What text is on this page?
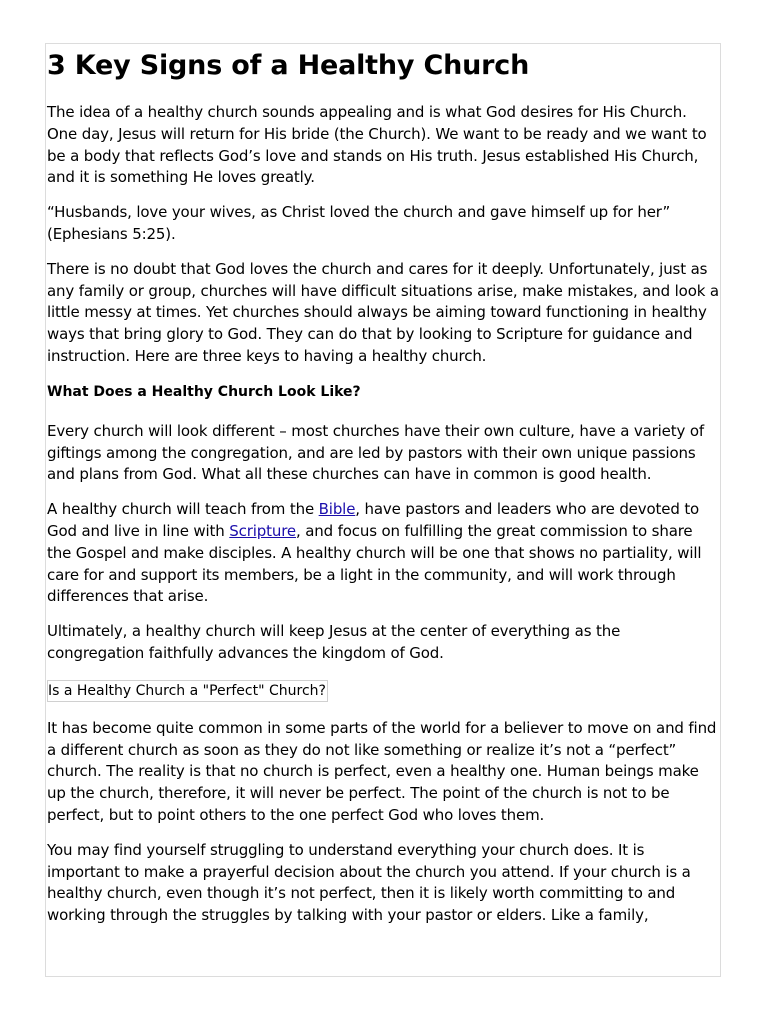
3 Key Signs of a Healthy Church

The idea of a healthy church sounds appealing and is what God desires for His Church. One day, Jesus will return for His bride (the Church). We want to be ready and we want to be a body that reflects God’s love and stands on His truth. Jesus established His Church, and it is something He loves greatly.

“Husbands, love your wives, as Christ loved the church and gave himself up for her” (Ephesians 5:25).

There is no doubt that God loves the church and cares for it deeply. Unfortunately, just as any family or group, churches will have difficult situations arise, make mistakes, and look a little messy at times. Yet churches should always be aiming toward functioning in healthy ways that bring glory to God. They can do that by looking to Scripture for guidance and instruction. Here are three keys to having a healthy church.

What Does a Healthy Church Look Like?

Every church will look different – most churches have their own culture, have a variety of giftings among the congregation, and are led by pastors with their own unique passions and plans from God. What all these churches can have in common is good health.

A healthy church will teach from the Bible, have pastors and leaders who are devoted to God and live in line with Scripture, and focus on fulfilling the great commission to share the Gospel and make disciples. A healthy church will be one that shows no partiality, will care for and support its members, be a light in the community, and will work through differences that arise.

Ultimately, a healthy church will keep Jesus at the center of everything as the congregation faithfully advances the kingdom of God.

Is a Healthy Church a "Perfect" Church?

It has become quite common in some parts of the world for a believer to move on and find a different church as soon as they do not like something or realize it’s not a “perfect” church. The reality is that no church is perfect, even a healthy one. Human beings make up the church, therefore, it will never be perfect. The point of the church is not to be perfect, but to point others to the one perfect God who loves them.

You may find yourself struggling to understand everything your church does. It is important to make a prayerful decision about the church you attend. If your church is a healthy church, even though it’s not perfect, then it is likely worth committing to and working through the struggles by talking with your pastor or elders. Like a family,
